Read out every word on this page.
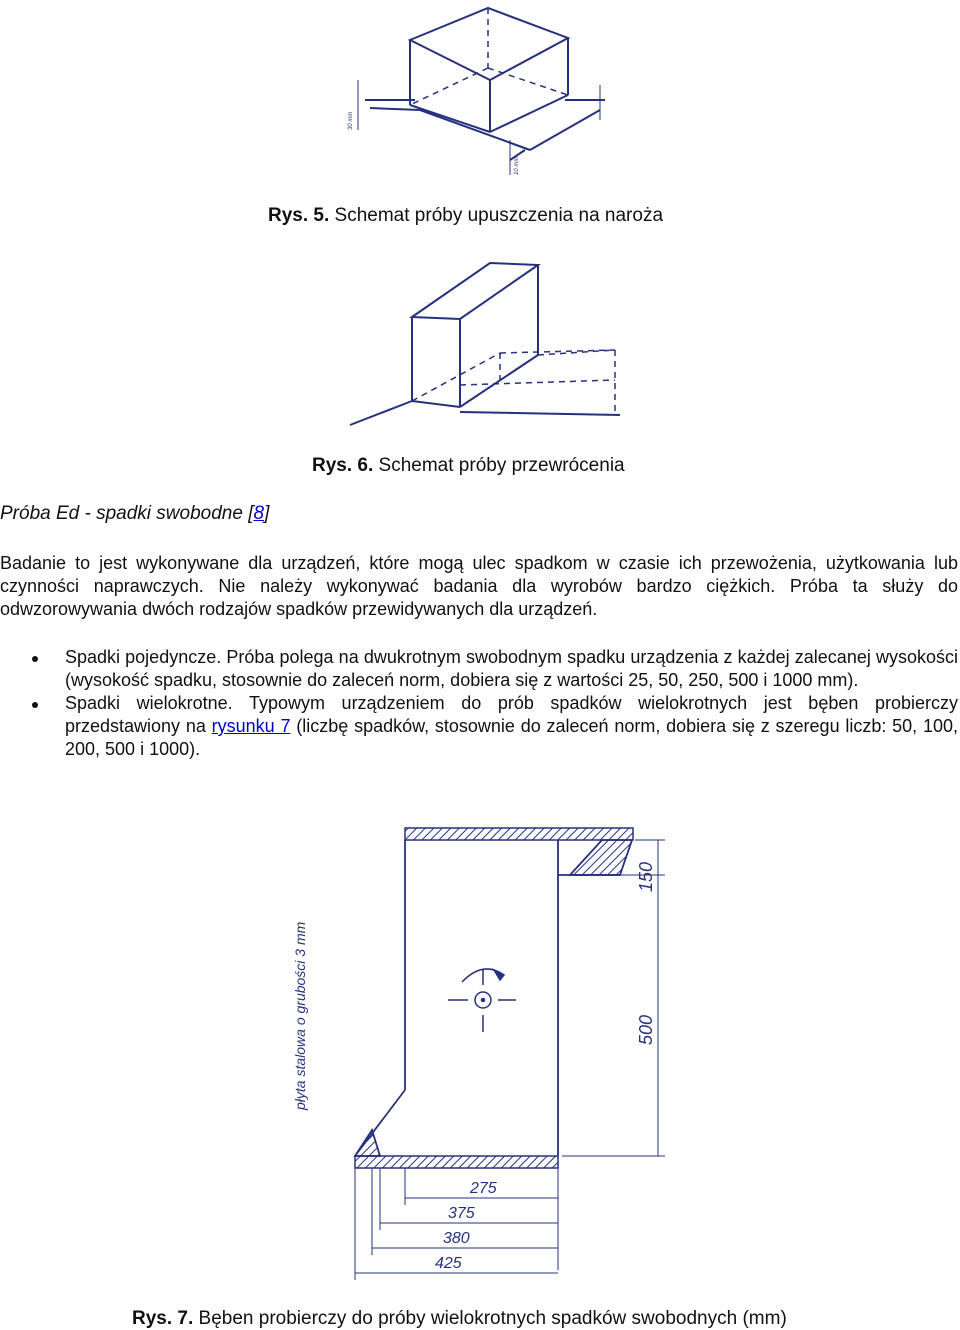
30 mm
10 mm
Rys. 5. Schemat próby upuszczenia na naroża
Rys. 6. Schemat próby przewrócenia
Próba Ed - spadki swobodne [8]
Badanie to jest wykonywane dla urządzeń, które mogą ulec spadkom w czasie ich przewożenia, użytkowania lub czynności naprawczych. Nie należy wykonywać badania dla wyrobów bardzo ciężkich. Próba ta służy do odwzorowywania dwóch rodzajów spadków przewidywanych dla urządzeń.
Spadki pojedyncze. Próba polega na dwukrotnym swobodnym spadku urządzenia z każdej zalecanej wysokości (wysokość spadku, stosownie do zaleceń norm, dobiera się z wartości 25, 50, 250, 500 i 1000 mm).
Spadki wielokrotne. Typowym urządzeniem do prób spadków wielokrotnych jest bęben probierczy przedstawiony na rysunku 7 (liczbę spadków, stosownie do zaleceń norm, dobiera się z szeregu liczb: 50, 100, 200, 500 i 1000).
150
500
płyta stalowa o grubości 3 mm
275
375
380
425
Rys. 7. Bęben probierczy do próby wielokrotnych spadków swobodnych (mm)
